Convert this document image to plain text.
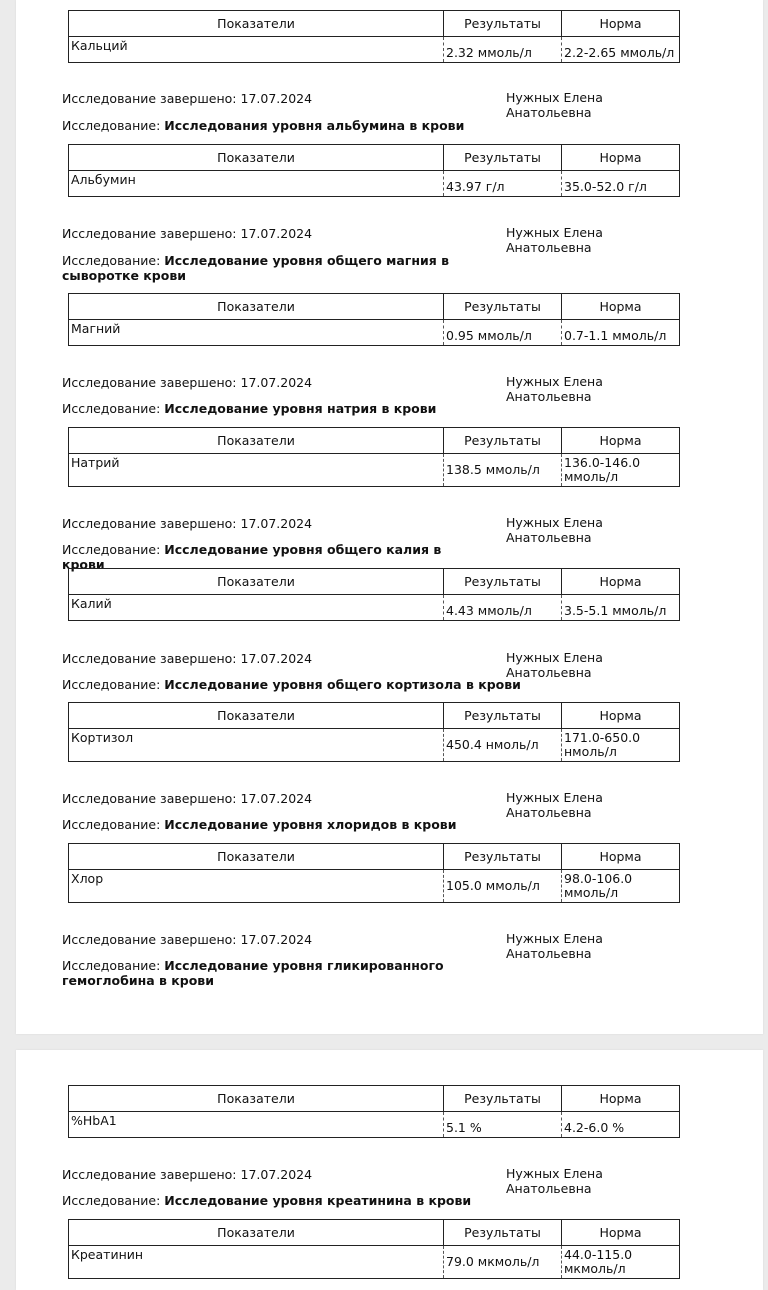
Показатели	Результаты	Норма
Кальций	2.32 ммоль/л	2.2-2.65 ммоль/л
Исследование завершено: 17.07.2024	Нужных Елена Анатольевна
Исследование: Исследования уровня альбумина в крови
Показатели	Результаты	Норма
Альбумин	43.97 г/л	35.0-52.0 г/л
Исследование завершено: 17.07.2024	Нужных Елена Анатольевна
Исследование: Исследование уровня общего магния в сыворотке крови
Показатели	Результаты	Норма
Магний	0.95 ммоль/л	0.7-1.1 ммоль/л
Исследование завершено: 17.07.2024	Нужных Елена Анатольевна
Исследование: Исследование уровня натрия в крови
Показатели	Результаты	Норма
Натрий	138.5 ммоль/л	136.0-146.0 ммоль/л
Исследование завершено: 17.07.2024	Нужных Елена Анатольевна
Исследование: Исследование уровня общего калия в крови
Показатели	Результаты	Норма
Калий	4.43 ммоль/л	3.5-5.1 ммоль/л
Исследование завершено: 17.07.2024	Нужных Елена Анатольевна
Исследование: Исследование уровня общего кортизола в крови
Показатели	Результаты	Норма
Кортизол	450.4 нмоль/л	171.0-650.0 нмоль/л
Исследование завершено: 17.07.2024	Нужных Елена Анатольевна
Исследование: Исследование уровня хлоридов в крови
Показатели	Результаты	Норма
Хлор	105.0 ммоль/л	98.0-106.0 ммоль/л
Исследование завершено: 17.07.2024	Нужных Елена Анатольевна
Исследование: Исследование уровня гликированного гемоглобина в крови
Показатели	Результаты	Норма
%HbA1	5.1 %	4.2-6.0 %
Исследование завершено: 17.07.2024	Нужных Елена Анатольевна
Исследование: Исследование уровня креатинина в крови
Показатели	Результаты	Норма
Креатинин	79.0 мкмоль/л	44.0-115.0 мкмоль/л
